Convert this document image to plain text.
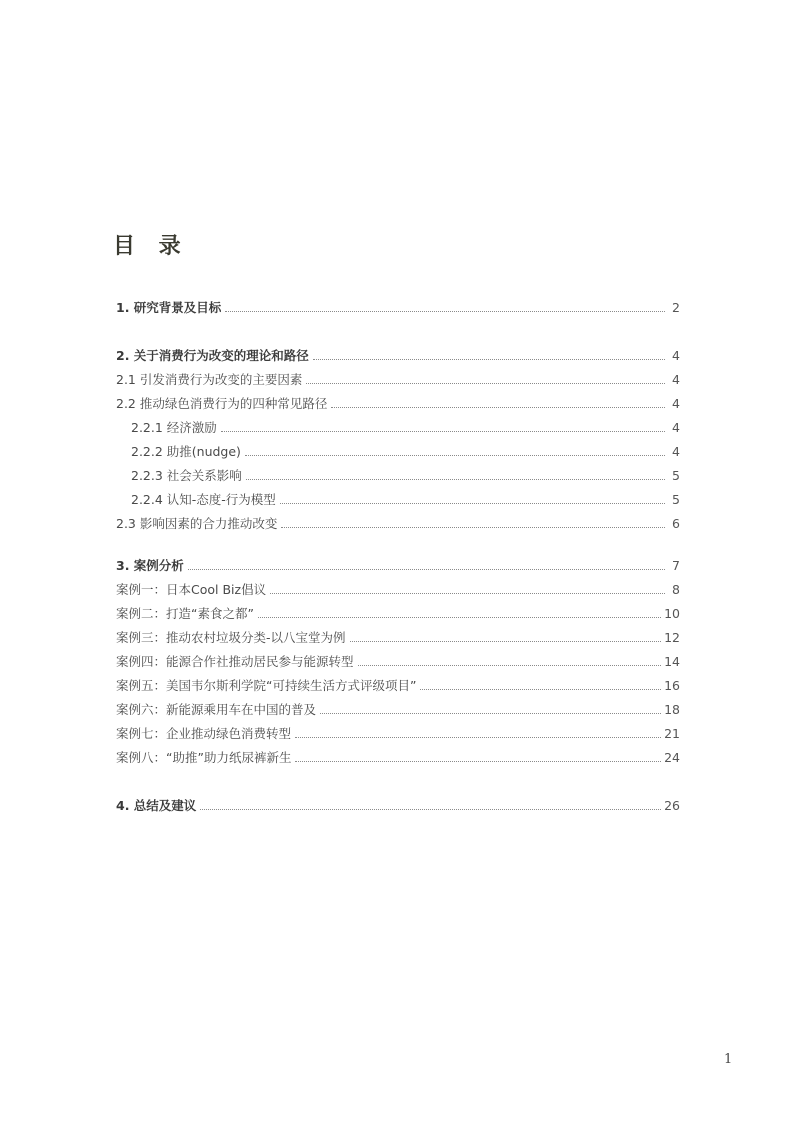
目 录
1. 研究背景及目标	2
2. 关于消费行为改变的理论和路径	4
2.1 引发消费行为改变的主要因素	4
2.2 推动绿色消费行为的四种常见路径	4
2.2.1 经济激励	4
2.2.2 助推(nudge)	4
2.2.3 社会关系影响	5
2.2.4 认知-态度-行为模型	5
2.3 影响因素的合力推动改变	6
3. 案例分析	7
案例一：日本Cool Biz倡议	8
案例二：打造“素食之都”	10
案例三：推动农村垃圾分类-以八宝堂为例	12
案例四：能源合作社推动居民参与能源转型	14
案例五：美国韦尔斯利学院“可持续生活方式评级项目”	16
案例六：新能源乘用车在中国的普及	18
案例七：企业推动绿色消费转型	21
案例八：“助推”助力纸尿裤新生	24
4. 总结及建议	26
1
